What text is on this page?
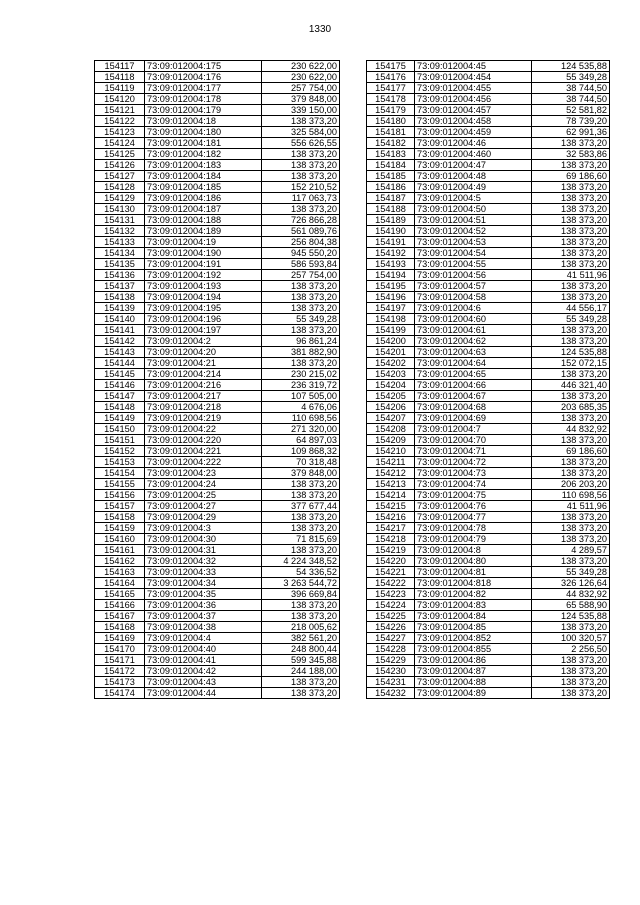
1330
154117	73:09:012004:175	230 622,00
154118	73:09:012004:176	230 622,00
154119	73:09:012004:177	257 754,00
154120	73:09:012004:178	379 848,00
154121	73:09:012004:179	339 150,00
154122	73:09:012004:18	138 373,20
154123	73:09:012004:180	325 584,00
154124	73:09:012004:181	556 626,55
154125	73:09:012004:182	138 373,20
154126	73:09:012004:183	138 373,20
154127	73:09:012004:184	138 373,20
154128	73:09:012004:185	152 210,52
154129	73:09:012004:186	117 063,73
154130	73:09:012004:187	138 373,20
154131	73:09:012004:188	726 866,28
154132	73:09:012004:189	561 089,76
154133	73:09:012004:19	256 804,38
154134	73:09:012004:190	945 550,20
154135	73:09:012004:191	586 593,84
154136	73:09:012004:192	257 754,00
154137	73:09:012004:193	138 373,20
154138	73:09:012004:194	138 373,20
154139	73:09:012004:195	138 373,20
154140	73:09:012004:196	55 349,28
154141	73:09:012004:197	138 373,20
154142	73:09:012004:2	96 861,24
154143	73:09:012004:20	381 882,90
154144	73:09:012004:21	138 373,20
154145	73:09:012004:214	230 215,02
154146	73:09:012004:216	236 319,72
154147	73:09:012004:217	107 505,00
154148	73:09:012004:218	4 676,06
154149	73:09:012004:219	110 698,56
154150	73:09:012004:22	271 320,00
154151	73:09:012004:220	64 897,03
154152	73:09:012004:221	109 868,32
154153	73:09:012004:222	70 318,48
154154	73:09:012004:23	379 848,00
154155	73:09:012004:24	138 373,20
154156	73:09:012004:25	138 373,20
154157	73:09:012004:27	377 677,44
154158	73:09:012004:29	138 373,20
154159	73:09:012004:3	138 373,20
154160	73:09:012004:30	71 815,69
154161	73:09:012004:31	138 373,20
154162	73:09:012004:32	4 224 348,52
154163	73:09:012004:33	54 336,52
154164	73:09:012004:34	3 263 544,72
154165	73:09:012004:35	396 669,84
154166	73:09:012004:36	138 373,20
154167	73:09:012004:37	138 373,20
154168	73:09:012004:38	218 005,62
154169	73:09:012004:4	382 561,20
154170	73:09:012004:40	248 800,44
154171	73:09:012004:41	599 345,88
154172	73:09:012004:42	244 188,00
154173	73:09:012004:43	138 373,20
154174	73:09:012004:44	138 373,20
154175	73:09:012004:45	124 535,88
154176	73:09:012004:454	55 349,28
154177	73:09:012004:455	38 744,50
154178	73:09:012004:456	38 744,50
154179	73:09:012004:457	52 581,82
154180	73:09:012004:458	78 739,20
154181	73:09:012004:459	62 991,36
154182	73:09:012004:46	138 373,20
154183	73:09:012004:460	32 583,86
154184	73:09:012004:47	138 373,20
154185	73:09:012004:48	69 186,60
154186	73:09:012004:49	138 373,20
154187	73:09:012004:5	138 373,20
154188	73:09:012004:50	138 373,20
154189	73:09:012004:51	138 373,20
154190	73:09:012004:52	138 373,20
154191	73:09:012004:53	138 373,20
154192	73:09:012004:54	138 373,20
154193	73:09:012004:55	138 373,20
154194	73:09:012004:56	41 511,96
154195	73:09:012004:57	138 373,20
154196	73:09:012004:58	138 373,20
154197	73:09:012004:6	44 556,17
154198	73:09:012004:60	55 349,28
154199	73:09:012004:61	138 373,20
154200	73:09:012004:62	138 373,20
154201	73:09:012004:63	124 535,88
154202	73:09:012004:64	152 072,15
154203	73:09:012004:65	138 373,20
154204	73:09:012004:66	446 321,40
154205	73:09:012004:67	138 373,20
154206	73:09:012004:68	203 685,35
154207	73:09:012004:69	138 373,20
154208	73:09:012004:7	44 832,92
154209	73:09:012004:70	138 373,20
154210	73:09:012004:71	69 186,60
154211	73:09:012004:72	138 373,20
154212	73:09:012004:73	138 373,20
154213	73:09:012004:74	206 203,20
154214	73:09:012004:75	110 698,56
154215	73:09:012004:76	41 511,96
154216	73:09:012004:77	138 373,20
154217	73:09:012004:78	138 373,20
154218	73:09:012004:79	138 373,20
154219	73:09:012004:8	4 289,57
154220	73:09:012004:80	138 373,20
154221	73:09:012004:81	55 349,28
154222	73:09:012004:818	326 126,64
154223	73:09:012004:82	44 832,92
154224	73:09:012004:83	65 588,90
154225	73:09:012004:84	124 535,88
154226	73:09:012004:85	138 373,20
154227	73:09:012004:852	100 320,57
154228	73:09:012004:855	2 256,50
154229	73:09:012004:86	138 373,20
154230	73:09:012004:87	138 373,20
154231	73:09:012004:88	138 373,20
154232	73:09:012004:89	138 373,20
